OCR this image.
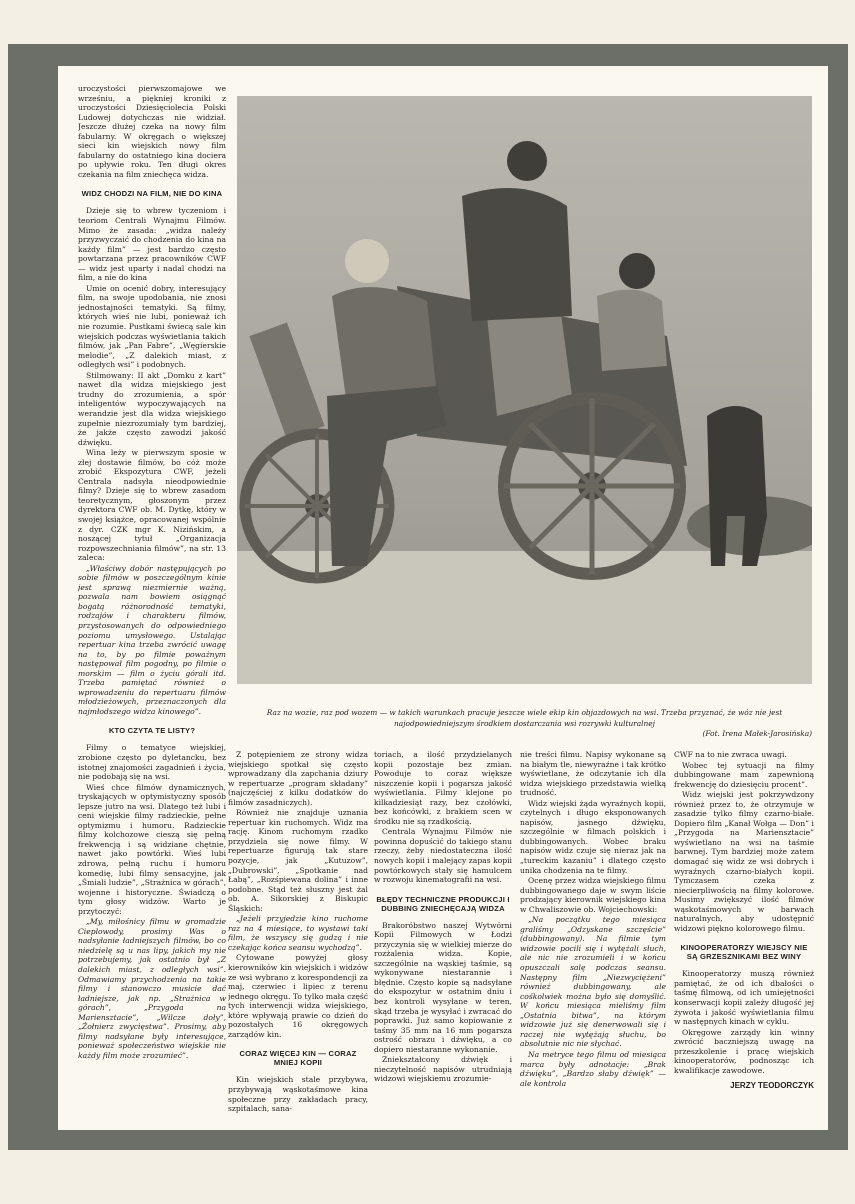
uroczystości pierwszomajowe we wrześniu, a piękniej kroniki z uroczystości Dziesięciolecia Polski Ludowej dotychczas nie widział. Jeszcze dłużej czeka na nowy film fabularny. W okręgach o większej sieci kin wiejskich nowy film fabularny do ostatniego kina dociera po upływie roku. Ten długi okres czekania na film zniechęca widza.

WIDZ CHODZI NA FILM, NIE DO KINA

Dzieje się to wbrew tyczeniom i teoriom Centrali Wynajmu Filmów. Mimo że zasada: „widza należy przyzwyczaić do chodzenia do kina na każdy film” — jest bardzo często powtarzana przez pracowników CWF — widz jest uparty i nadal chodzi na film, a nie do kina

Umie on ocenić dobry, interesujący film, na swoje upodobania, nie znosi jednostajności tematyki. Są filmy, których wieś nie lubi, ponieważ ich nie rozumie. Pustkami świecą sale kin wiejskich podczas wyświetlania takich filmów, jak „Pan Fabre”, „Węgierskie melodie”, „Z dalekich miast, z odległych wsi” i podobnych.

Stilmowany: II akt „Domku z kart” nawet dla widza miejskiego jest trudny do zrozumienia, a spór inteligentów wypoczywających na werandzie jest dla widza wiejskiego zupełnie niezrozumiały tym bardziej, że jakże często zawodzi jakość dźwięku.

Wina leży w pierwszym sposie w złej dostawie filmów, bo cóż może zrobić Ekspozytura CWF, jeżeli Centrala nadsyła nieodpowiednie filmy? Dzieje się to wbrew zasadom teoretycznym, głoszonym przez dyrektora CWF ob. M. Dytkę, który w swojej książce, opracowanej wspólnie z dyr. CZK mgr K. Nizińskim, a noszącej tytuł „Organizacja rozpowszechniania filmów”, na str. 13 zaleca:

„Właściwy dobór następujących po sobie filmów w poszczególnym kinie jest sprawą niezmiernie ważną, pozwala nam bowiem osiągnąć bogatą różnorodność tematyki, rodzajów i charakteru filmów, przystosowanych do odpowiedniego poziomu umysłowego. Ustalając repertuar kina trzeba zwrócić uwagę na to, by po filmie poważnym następował film pogodny, po filmie o morskim — film o życiu górali itd. Trzeba pamiętać również o wprowadzeniu do repertuaru filmów młodzieżowych, przeznaczonych dla najmłodszego widza kinowego”.

KTO CZYTA TE LISTY?

Filmy o tematyce wiejskiej, zrobione często po dyletancku, bez istotnej znajomości zagadnień i życia, nie podobają się na wsi.

Wieś chce filmów dynamicznych, tryskających w optymistyczny sposób lepsze jutro na wsi. Dlatego też lubi i ceni wiejskie filmy radzieckie, pełne optymizmu i humoru. Radzieckie filmy kolchozowe cieszą się pełną frekwencją i są widziane chętnie, nawet jako powtórki. Wieś lubi zdrowa, pełną ruchu i humoru komedię, lubi filmy sensacyjne, jak „Śmiali ludzie”, „Strażnica w górach”, wojenne i historyczne. Świadczą o tym głosy widzów. Warto je przytoczyć:

„My, miłośnicy filmu w gromadzie Cieplowody, prosimy Was o nadsyłanie ładniejszych filmów, bo co niedzielę są u nas lipy, jakich my nie potrzebujemy, jak ostatnio był „Z dalekich miast, z odległych wsi”. Odmawiamy przychodzenia na takie filmy i stanowczo musicie dać ładniejsze, jak np. „Strażnica w górach”, „Przygoda na Mariensztacie”, „Wilcze doły”, „Żołnierz zwycięstwa”. Prosimy, aby filmy nadsyłane były interesujące, ponieważ społeczeństwo wiejskie nie każdy film może zrozumieć”.

Raz na wozie, raz pod wozem — w takich warunkach pracuje jeszcze wiele ekip kin objazdowych na wsi. Trzeba przyznać, że wóz nie jest najodpowiedniejszym środkiem dostarczania wsi rozrywki kulturalnej
(Fot. Irena Małek-Jarosińska)

Z potępieniem ze strony widza wiejskiego spotkał się często wprowadzany dla zapchania dziury w repertuarze „program składany” (najczęściej z kilku dodatków do filmów zasadniczych).

Również nie znajduje uznania repertuar kin ruchomych. Widz ma rację. Kinom ruchomym rzadko przydziela się nowe filmy. W repertuarze figurują tak stare pozycje, jak „Kutuzow”, „Dubrowski”, „Spotkanie nad Łabą”, „Rozśpiewana dolina” i inne podobne. Stąd też słuszny jest żal ob. A. Sikorskiej z Biskupic Śląskich:

„Jeżeli przyjedzie kino ruchome raz na 4 miesiące, to wystawi taki film, że wszyscy się gudzą i nie czekając końca seansu wychodzą”.

Cytowane powyżej głosy kierowników kin wiejskich i widzów ze wsi wybrano z korespondencji za maj, czerwiec i lipiec z terenu jednego okręgu. To tylko mała część tych interwencji widza wiejskiego, które wpływają prawie co dzień do pozostałych 16 okręgowych zarządów kin.

CORAZ WIĘCEJ KIN — CORAZ MNIEJ KOPII

Kin wiejskich stale przybywa, przybywają wąskotaśmowe kina społeczne przy zakładach pracy, szpitalach, sana-

toriach, a ilość przydzielanych kopii pozostaje bez zmian. Powoduje to coraz większe niszczenie kopii i pogarsza jakość wyświetlania. Filmy klejone po kilkadziesiąt razy, bez czołówki, bez końcówki, z brakiem scen w środku nie są rzadkością.

Centrala Wynajmu Filmów nie powinna dopuścić do takiego stanu rzeczy, żeby niedostateczna ilość nowych kopii i malejący zapas kopii powtórkowych stały się hamulcem w rozwoju kinematografii na wsi.

BŁĘDY TECHNICZNE PRODUKCJI I DUBBING ZNIECHĘCAJĄ WIDZA

Brakoróbstwo naszej Wytwórni Kopii Filmowych w Łodzi przyczynia się w wielkiej mierze do rozżalenia widza. Kopie, szczególnie na wąskiej taśmie, są wykonywane niestarannie i błędnie. Często kopie są nadsyłane do ekspozytur w ostatnim dniu i bez kontroli wysyłane w teren, skąd trzeba je wysyłać i zwracać do poprawki. Już samo kopiowanie z taśmy 35 mm na 16 mm pogarsza ostrość obrazu i dźwięku, a co dopiero niestaranne wykonanie.

Zniekształcony dźwięk i nieczytelność napisów utrudniają widzowi wiejskiemu zrozumie-

nie treści filmu. Napisy wykonane są na białym tle, niewyraźne i tak krótko wyświetlane, że odczytanie ich dla widza wiejskiego przedstawia wielką trudność.

Widz wiejski żąda wyraźnych kopii, czytelnych i długo eksponowanych napisów, jasnego dźwięku, szczególnie w filmach polskich i dubbingowanych. Wobec braku napisów widz czuje się nieraz jak na „tureckim kazaniu” i dlatego często unika chodzenia na te filmy.

Ocenę przez widza wiejskiego filmu dubbingowanego daje w swym liście prodzający kierownik wiejskiego kina w Chwaliszowie ob. Wojciechowski:

„Na początku tego miesiąca graliśmy „Odzyskane szczęście” (dubbingowany). Na filmie tym widzowie pocili się i wytężali słuch, ale nic nie zrozumieli i w końcu opuszczali salę podczas seansu. Następny film „Niezwyciężeni” również dubbingowany, ale cośkolwiek można było się domyślić. W końcu miesiąca mieliśmy film „Ostatnia bitwa”, na którym widzowie już się denerwowali się i raczej nie wytężają słuchu, bo absolutnie nic nie słychać.

Na metryce tego filmu od miesiąca marca były adnotacje: „Brak dźwięku”, „Bardzo słaby dźwięk” — ale kontrola

CWF na to nie zwraca uwagi.

Wobec tej sytuacji na filmy dubbingowane mam zapewnioną frekwencję do dziesięciu procent”.

Widz wiejski jest pokrzywdzony również przez to, że otrzymuje w zasadzie tylko filmy czarno-białe. Dopiero film „Kanał Wołga — Don” i „Przygoda na Mariensztacie” wyświetlano na wsi na taśmie barwnej. Tym bardziej może zatem domagać się widz ze wsi dobrych i wyraźnych czarno-białych kopii. Tymczasem czeka z niecierpliwością na filmy kolorowe. Musimy zwiększyć ilość filmów wąskotaśmowych w barwach naturalnych, aby udostępnić widzowi piękno kolorowego filmu.

KINOOPERATORZY WIEJSCY NIE SĄ GRZESZNIKAMI BEZ WINY

Kinooperatorzy muszą również pamiętać, że od ich dbałości o taśmę filmową, od ich umiejętności konserwacji kopii zależy długość jej żywota i jakość wyświetlania filmu w następnych kinach w cyklu.

Okręgowe zarządy kin winny zwrócić baczniejszą uwagę na przeszkolenie i pracę wiejskich kinooperatorów, podnosząc ich kwalifikacje zawodowe.

JERZY TEODORCZYK
